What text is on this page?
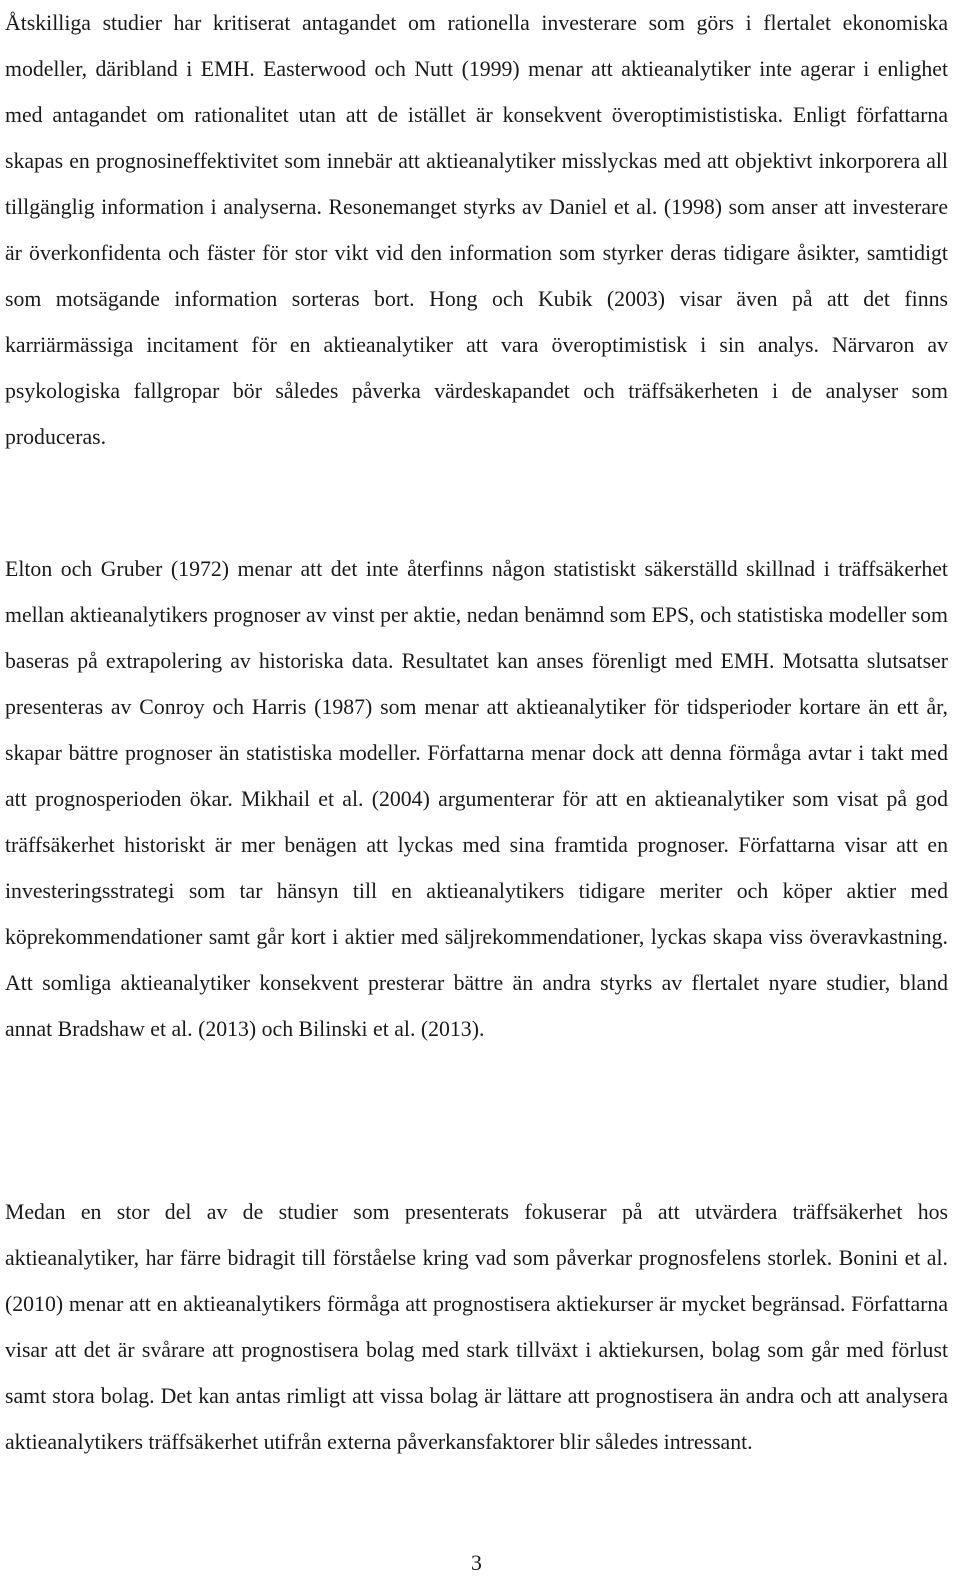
Åtskilliga studier har kritiserat antagandet om rationella investerare som görs i flertalet ekonomiska modeller, däribland i EMH. Easterwood och Nutt (1999) menar att aktieanalytiker inte agerar i enlighet med antagandet om rationalitet utan att de istället är konsekvent överoptimististiska. Enligt författarna skapas en prognosineffektivitet som innebär att aktieanalytiker misslyckas med att objektivt inkorporera all tillgänglig information i analyserna. Resonemanget styrks av Daniel et al. (1998) som anser att investerare är överkonfidenta och fäster för stor vikt vid den information som styrker deras tidigare åsikter, samtidigt som motsägande information sorteras bort. Hong och Kubik (2003) visar även på att det finns karriärmässiga incitament för en aktieanalytiker att vara överoptimistisk i sin analys. Närvaron av psykologiska fallgropar bör således påverka värdeskapandet och träffsäkerheten i de analyser som produceras.

Elton och Gruber (1972) menar att det inte återfinns någon statistiskt säkerställd skillnad i träffsäkerhet mellan aktieanalytikers prognoser av vinst per aktie, nedan benämnd som EPS, och statistiska modeller som baseras på extrapolering av historiska data. Resultatet kan anses förenligt med EMH. Motsatta slutsatser presenteras av Conroy och Harris (1987) som menar att aktieanalytiker för tidsperioder kortare än ett år, skapar bättre prognoser än statistiska modeller. Författarna menar dock att denna förmåga avtar i takt med att prognosperioden ökar. Mikhail et al. (2004) argumenterar för att en aktieanalytiker som visat på god träffsäkerhet historiskt är mer benägen att lyckas med sina framtida prognoser. Författarna visar att en investeringsstrategi som tar hänsyn till en aktieanalytikers tidigare meriter och köper aktier med köprekommendationer samt går kort i aktier med säljrekommendationer, lyckas skapa viss överavkastning. Att somliga aktieanalytiker konsekvent presterar bättre än andra styrks av flertalet nyare studier, bland annat Bradshaw et al. (2013) och Bilinski et al. (2013).

Medan en stor del av de studier som presenterats fokuserar på att utvärdera träffsäkerhet hos aktieanalytiker, har färre bidragit till förståelse kring vad som påverkar prognosfelens storlek. Bonini et al. (2010) menar att en aktieanalytikers förmåga att prognostisera aktiekurser är mycket begränsad. Författarna visar att det är svårare att prognostisera bolag med stark tillväxt i aktiekursen, bolag som går med förlust samt stora bolag. Det kan antas rimligt att vissa bolag är lättare att prognostisera än andra och att analysera aktieanalytikers träffsäkerhet utifrån externa påverkansfaktorer blir således intressant.

3
